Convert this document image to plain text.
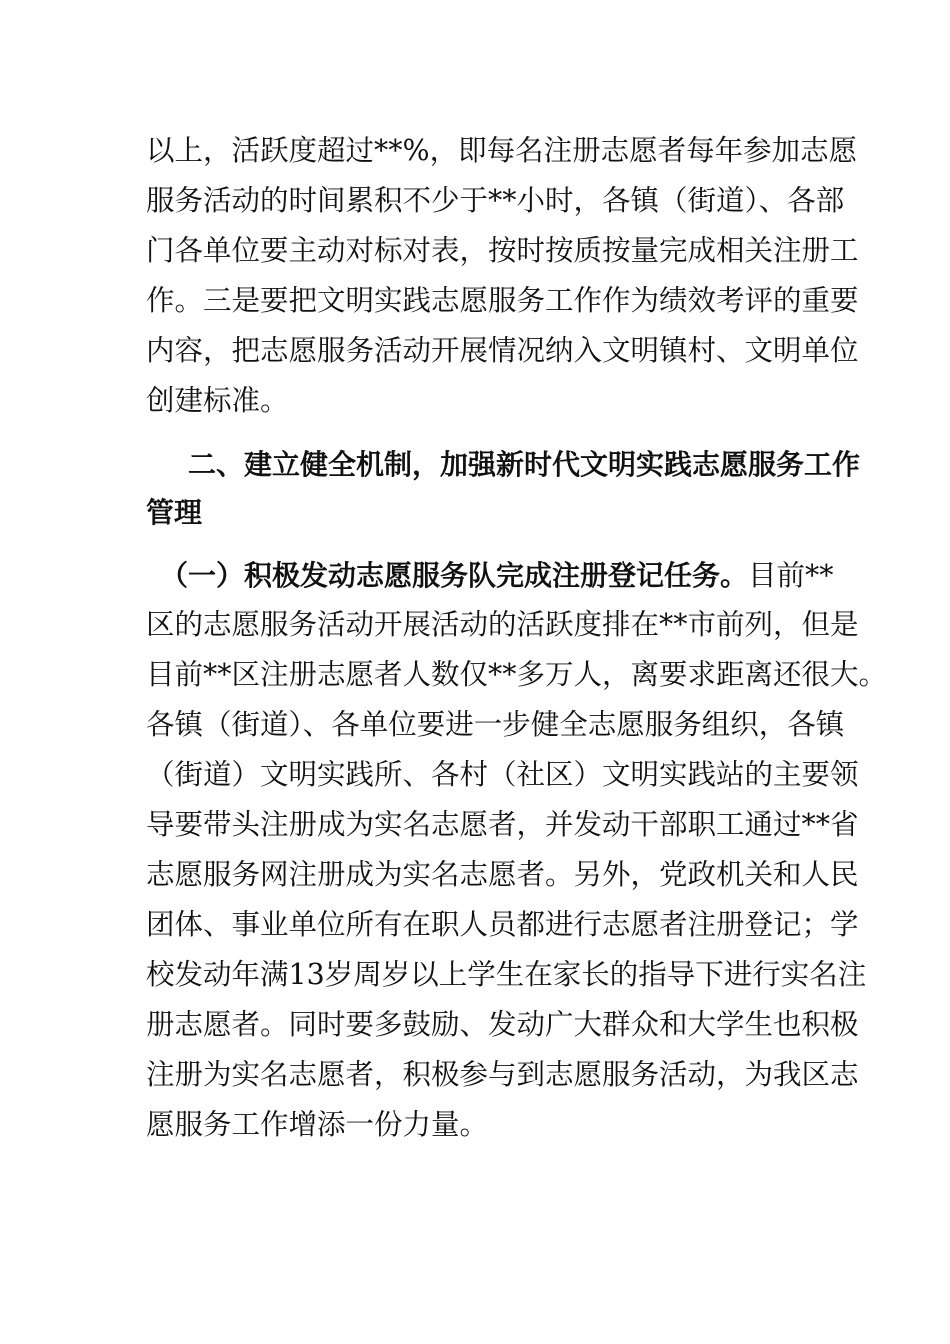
以上，活跃度超过**%，即每名注册志愿者每年参加志愿
服务活动的时间累积不少于**小时，各镇（街道）、各部
门各单位要主动对标对表，按时按质按量完成相关注册工
作。三是要把文明实践志愿服务工作作为绩效考评的重要
内容，把志愿服务活动开展情况纳入文明镇村、文明单位
创建标准。
二、建立健全机制，加强新时代文明实践志愿服务工作
管理
（一）积极发动志愿服务队完成注册登记任务。目前**
区的志愿服务活动开展活动的活跃度排在**市前列，但是
目前**区注册志愿者人数仅**多万人，离要求距离还很大。
各镇（街道）、各单位要进一步健全志愿服务组织，各镇
（街道）文明实践所、各村（社区）文明实践站的主要领
导要带头注册成为实名志愿者，并发动干部职工通过**省
志愿服务网注册成为实名志愿者。另外，党政机关和人民
团体、事业单位所有在职人员都进行志愿者注册登记；学
校发动年满13岁周岁以上学生在家长的指导下进行实名注
册志愿者。同时要多鼓励、发动广大群众和大学生也积极
注册为实名志愿者，积极参与到志愿服务活动，为我区志
愿服务工作增添一份力量。
